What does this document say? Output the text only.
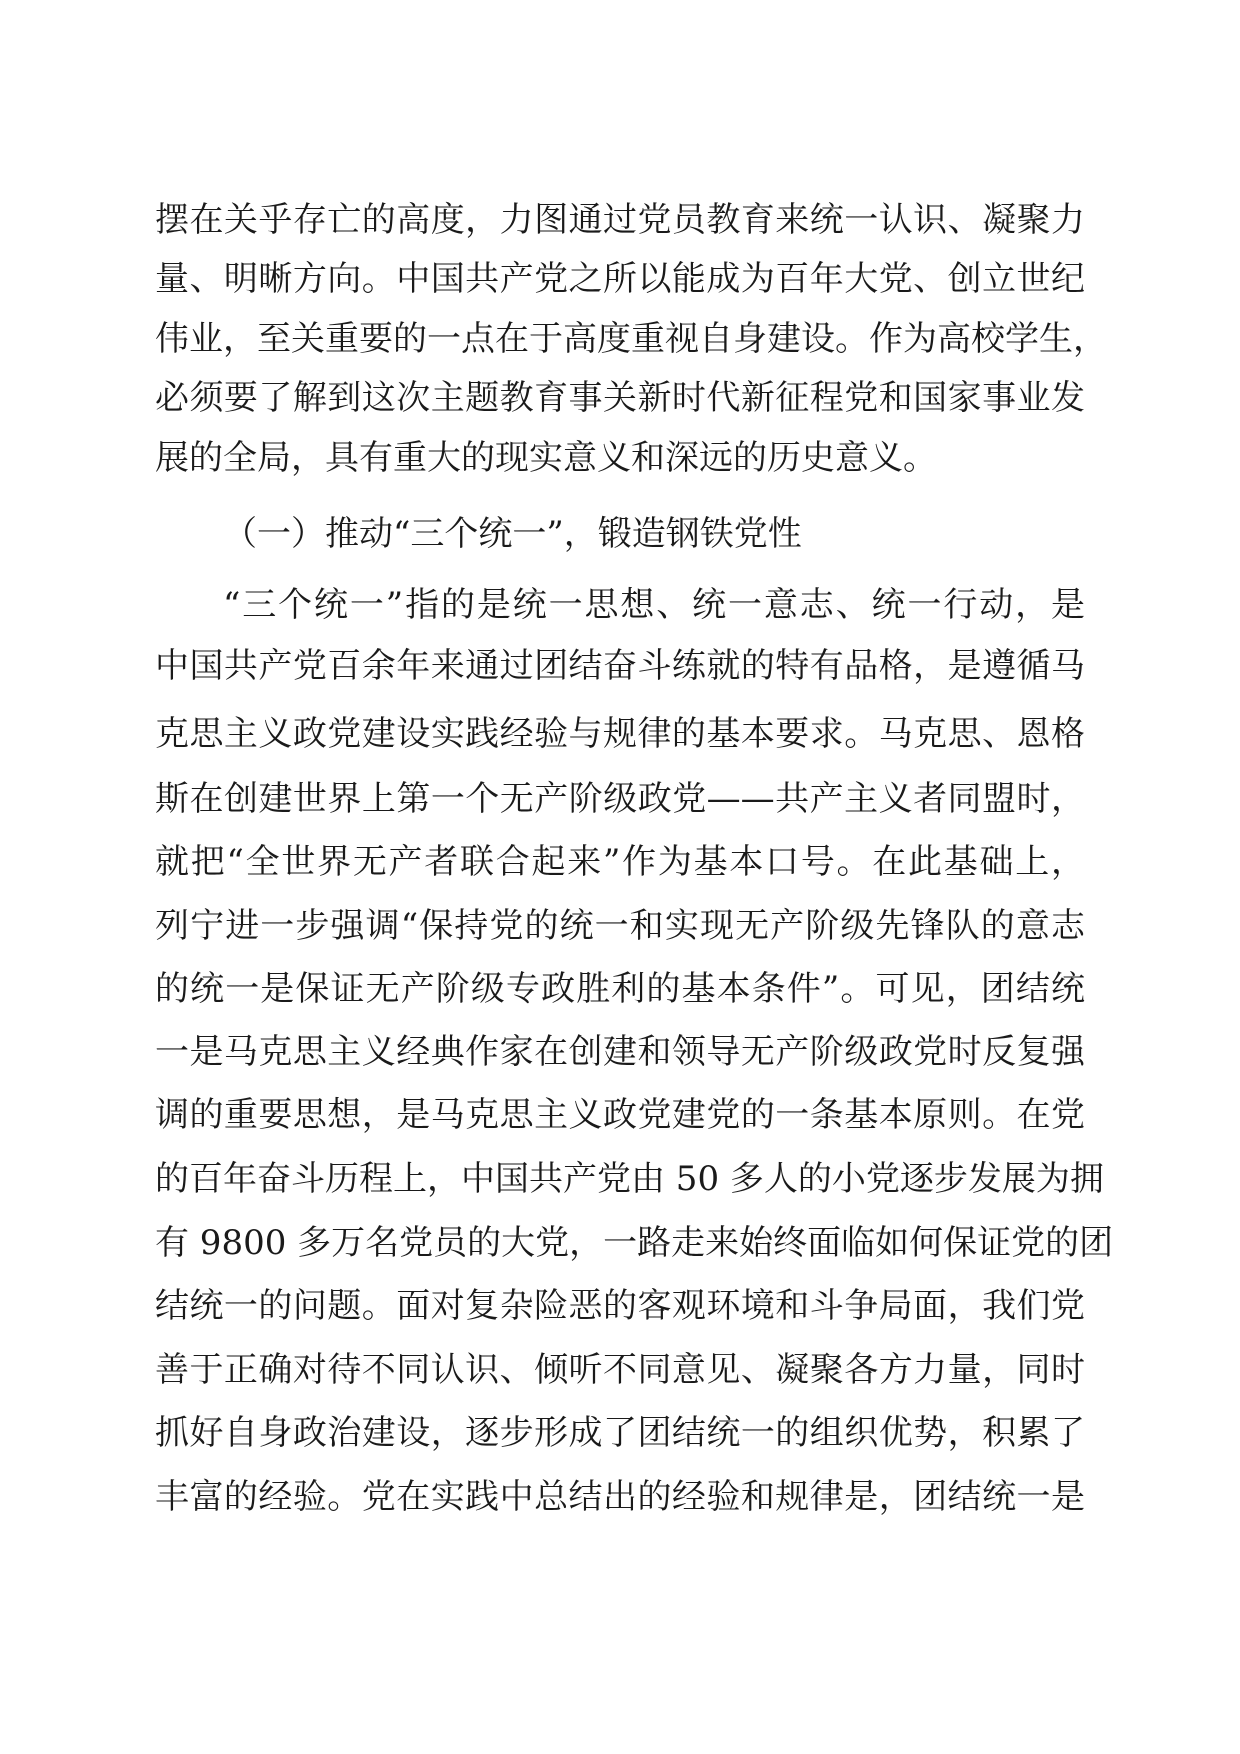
摆在关乎存亡的高度，力图通过党员教育来统一认识、凝聚力
量、明晰方向。中国共产党之所以能成为百年大党、创立世纪
伟业，至关重要的一点在于高度重视自身建设。作为高校学生，
必须要了解到这次主题教育事关新时代新征程党和国家事业发
展的全局，具有重大的现实意义和深远的历史意义。
（一）推动“三个统一”，锻造钢铁党性
“三个统一”指的是统一思想、统一意志、统一行动，是
中国共产党百余年来通过团结奋斗练就的特有品格，是遵循马
克思主义政党建设实践经验与规律的基本要求。马克思、恩格
斯在创建世界上第一个无产阶级政党——共产主义者同盟时，
就把“全世界无产者联合起来”作为基本口号。在此基础上，
列宁进一步强调“保持党的统一和实现无产阶级先锋队的意志
的统一是保证无产阶级专政胜利的基本条件”。可见，团结统
一是马克思主义经典作家在创建和领导无产阶级政党时反复强
调的重要思想，是马克思主义政党建党的一条基本原则。在党
的百年奋斗历程上，中国共产党由 50 多人的小党逐步发展为拥
有 9800 多万名党员的大党，一路走来始终面临如何保证党的团
结统一的问题。面对复杂险恶的客观环境和斗争局面，我们党
善于正确对待不同认识、倾听不同意见、凝聚各方力量，同时
抓好自身政治建设，逐步形成了团结统一的组织优势，积累了
丰富的经验。党在实践中总结出的经验和规律是，团结统一是
